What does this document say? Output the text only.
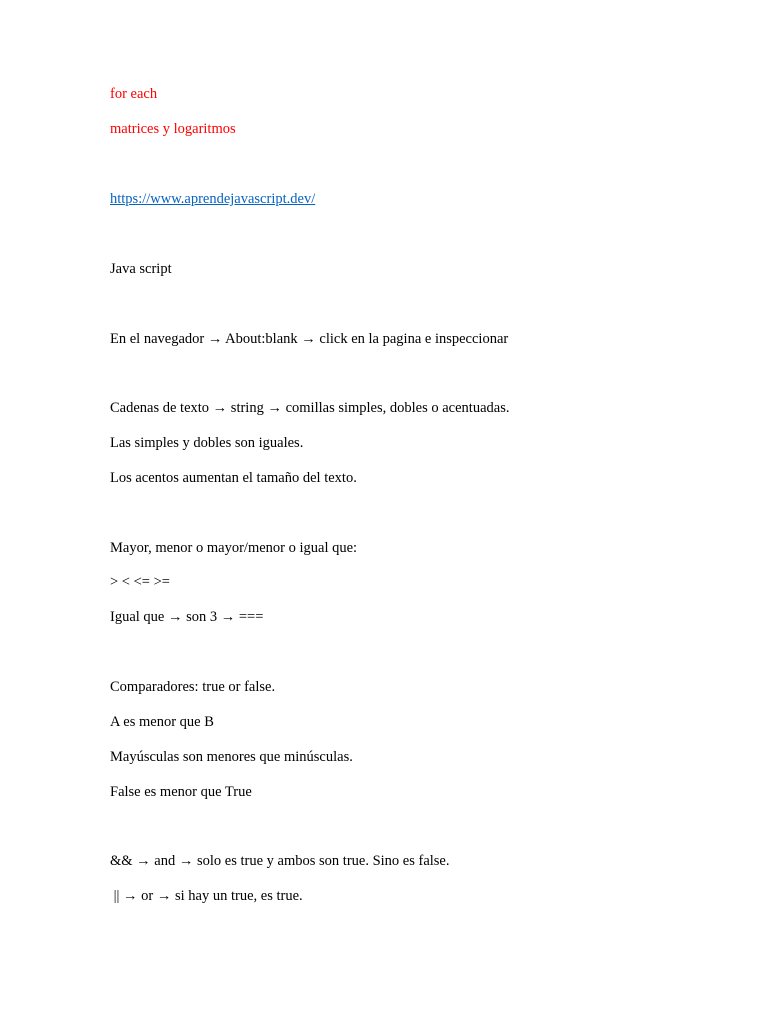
for each
matrices y logaritmos
https://www.aprendejavascript.dev/
Java script
En el navegador → About:blank → click en la pagina e inspeccionar
Cadenas de texto → string → comillas simples, dobles o acentuadas.
Las simples y dobles son iguales.
Los acentos aumentan el tamaño del texto.
Mayor, menor o mayor/menor o igual que:
> < <= >=
Igual que → son 3 → ===
Comparadores: true or false.
A es menor que B
Mayúsculas son menores que minúsculas.
False es menor que True
&& → and → solo es true y ambos son true. Sino es false.
|| → or → si hay un true, es true.
